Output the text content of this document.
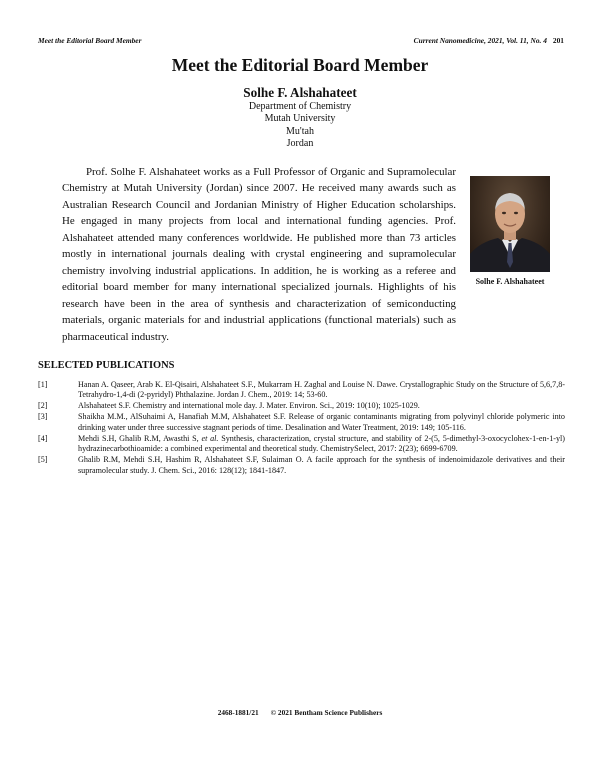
Meet the Editorial Board Member	Current Nanomedicine, 2021, Vol. 11, No. 4 201
Meet the Editorial Board Member
Solhe F. Alshahateet
Department of Chemistry
Mutah University
Mu'tah
Jordan

Prof. Solhe F. Alshahateet works as a Full Professor of Organic and Supramolecular Chemistry at Mutah University (Jordan) since 2007. He received many awards such as Australian Research Council and Jordanian Ministry of Higher Education scholarships. He engaged in many projects from local and international funding agencies. Prof. Alshahateet attended many conferences worldwide. He published more than 73 articles mostly in international journals dealing with crystal engineering and supramolecular chemistry involving industrial applications. In addition, he is working as a referee and editorial board member for many international specialized journals. Highlights of his research have been in the area of synthesis and characterization of semiconducting materials, organic materials for and industrial applications (functional materials) such as pharmaceutical industry.

Solhe F. Alshahateet
SELECTED PUBLICATIONS
[1]	Hanan A. Qaseer, Arab K. El-Qisairi, Alshahateet S.F., Mukarram H. Zaghal and Louise N. Dawe. Crystallographic Study on the Structure of 5,6,7,8-Tetrahydro-1,4-di (2-pyridyl) Phthalazine. Jordan J. Chem., 2019: 14; 53-60.
[2]	Alshahateet S.F. Chemistry and international mole day. J. Mater. Environ. Sci., 2019: 10(10); 1025-1029.
[3]	Shaikha M.M., AlSuhaimi A, Hanafiah M.M, Alshahateet S.F. Release of organic contaminants migrating from polyvinyl chloride polymeric into drinking water under three successive stagnant periods of time. Desalination and Water Treatment, 2019: 149; 105-116.
[4]	Mehdi S.H, Ghalib R.M, Awasthi S, et al. Synthesis, characterization, crystal structure, and stability of 2-(5, 5-dimethyl-3-oxocyclohex-1-en-1-yl) hydrazinecarbothioamide: a combined experimental and theoretical study. ChemistrySelect, 2017: 2(23); 6699-6709.
[5]	Ghalib R.M, Mehdi S.H, Hashim R, Alshahateet S.F, Sulaiman O. A facile approach for the synthesis of indenoimidazole derivatives and their supramolecular study. J. Chem. Sci., 2016: 128(12); 1841-1847.
2468-1881/21 © 2021 Bentham Science Publishers
